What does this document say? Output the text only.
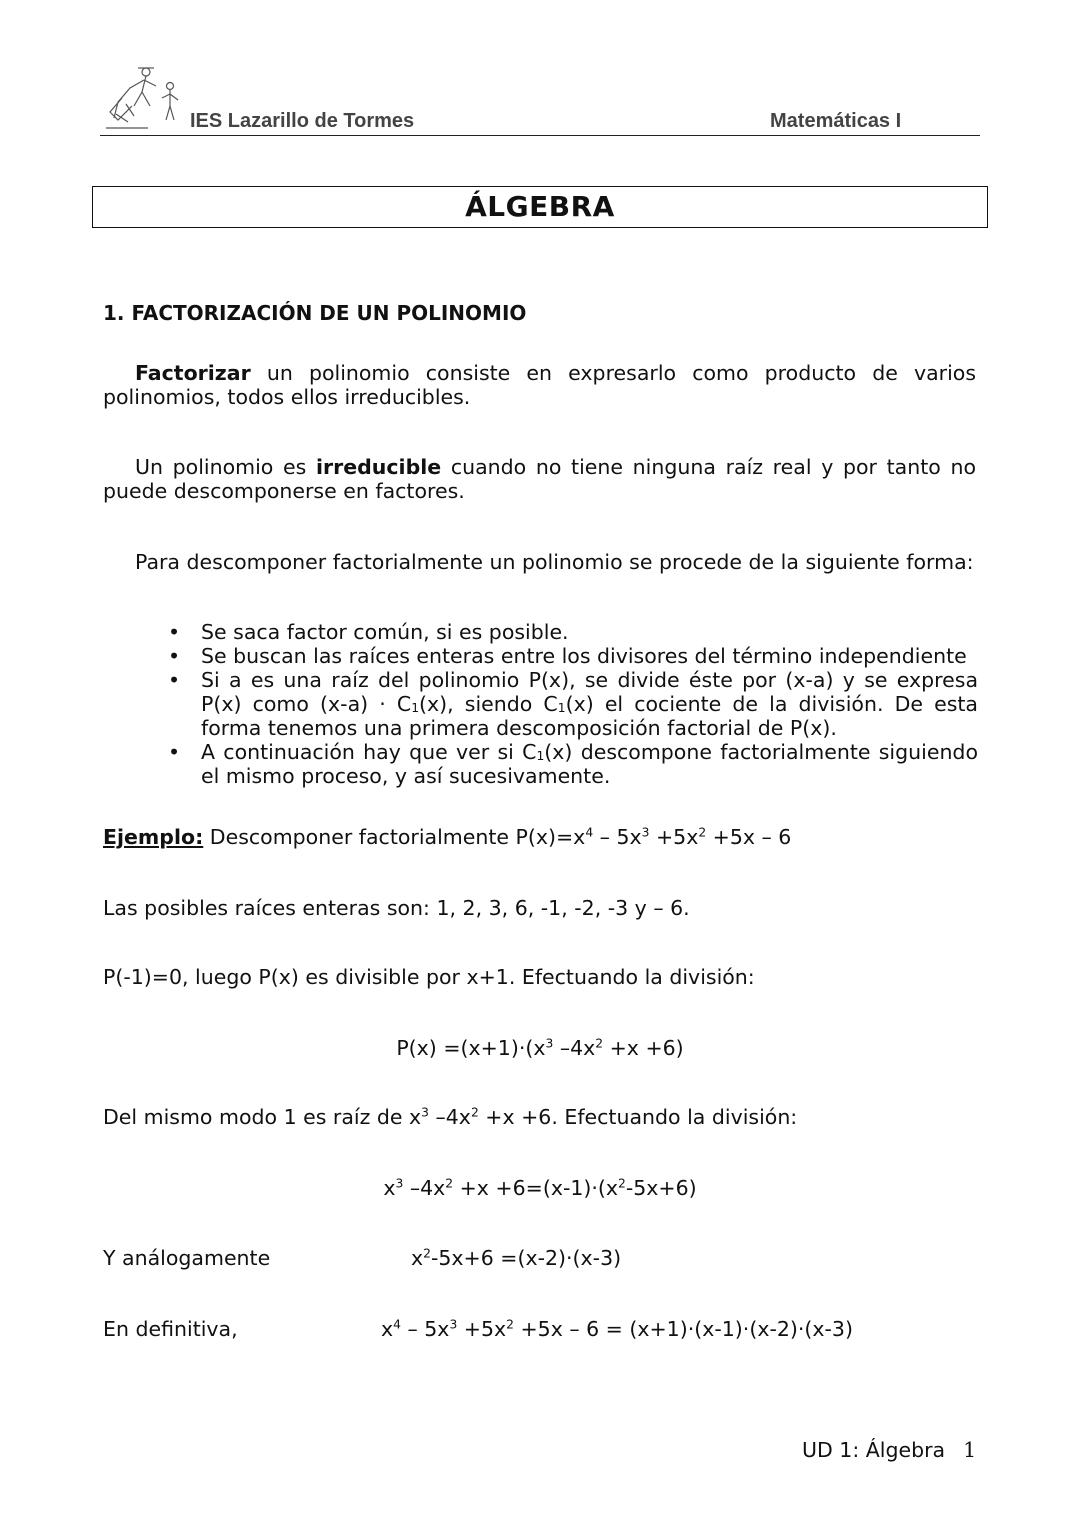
IES Lazarillo de Tormes	Matemáticas I
ÁLGEBRA
1. FACTORIZACIÓN DE UN POLINOMIO
Factorizar un polinomio consiste en expresarlo como producto de varios polinomios, todos ellos irreducibles.
Un polinomio es irreducible cuando no tiene ninguna raíz real y por tanto no puede descomponerse en factores.
Para descomponer factorialmente un polinomio se procede de la siguiente forma:
• Se saca factor común, si es posible.
• Se buscan las raíces enteras entre los divisores del término independiente
• Si a es una raíz del polinomio P(x), se divide éste por (x-a) y se expresa P(x) como $(x-a) \cdot C_1(x)$, siendo $C_1(x)$ el cociente de la división. De esta forma tenemos una primera descomposición factorial de P(x).
• A continuación hay que ver si $C_1(x)$ descompone factorialmente siguiendo el mismo proceso, y así sucesivamente.
Ejemplo: Descomponer factorialmente $P(x)=x^4 - 5x^3 +5x^2 +5x - 6$
Las posibles raíces enteras son: 1, 2, 3, 6, -1, -2, -3 y – 6.
P(-1)=0, luego P(x) es divisible por x+1. Efectuando la división:
$P(x) =(x+1)\cdot(x^3$ $-4x^2 +x +6$)
Del mismo modo 1 es raíz de $x^3$ $-4x^2 +x +6$. Efectuando la división:
$x^3$ $-4x^2 +x +6=(x-1)\cdot(x^2-5x+6)$
Y análogamente	$x^2-5x+6 =(x-2)\cdot(x-3)$
En definitiva,	$x^4 - 5x^3 +5x^2 +5x - 6 = (x+1)\cdot(x-1)\cdot(x-2)\cdot(x-3)$
UD 1: Álgebra 1
